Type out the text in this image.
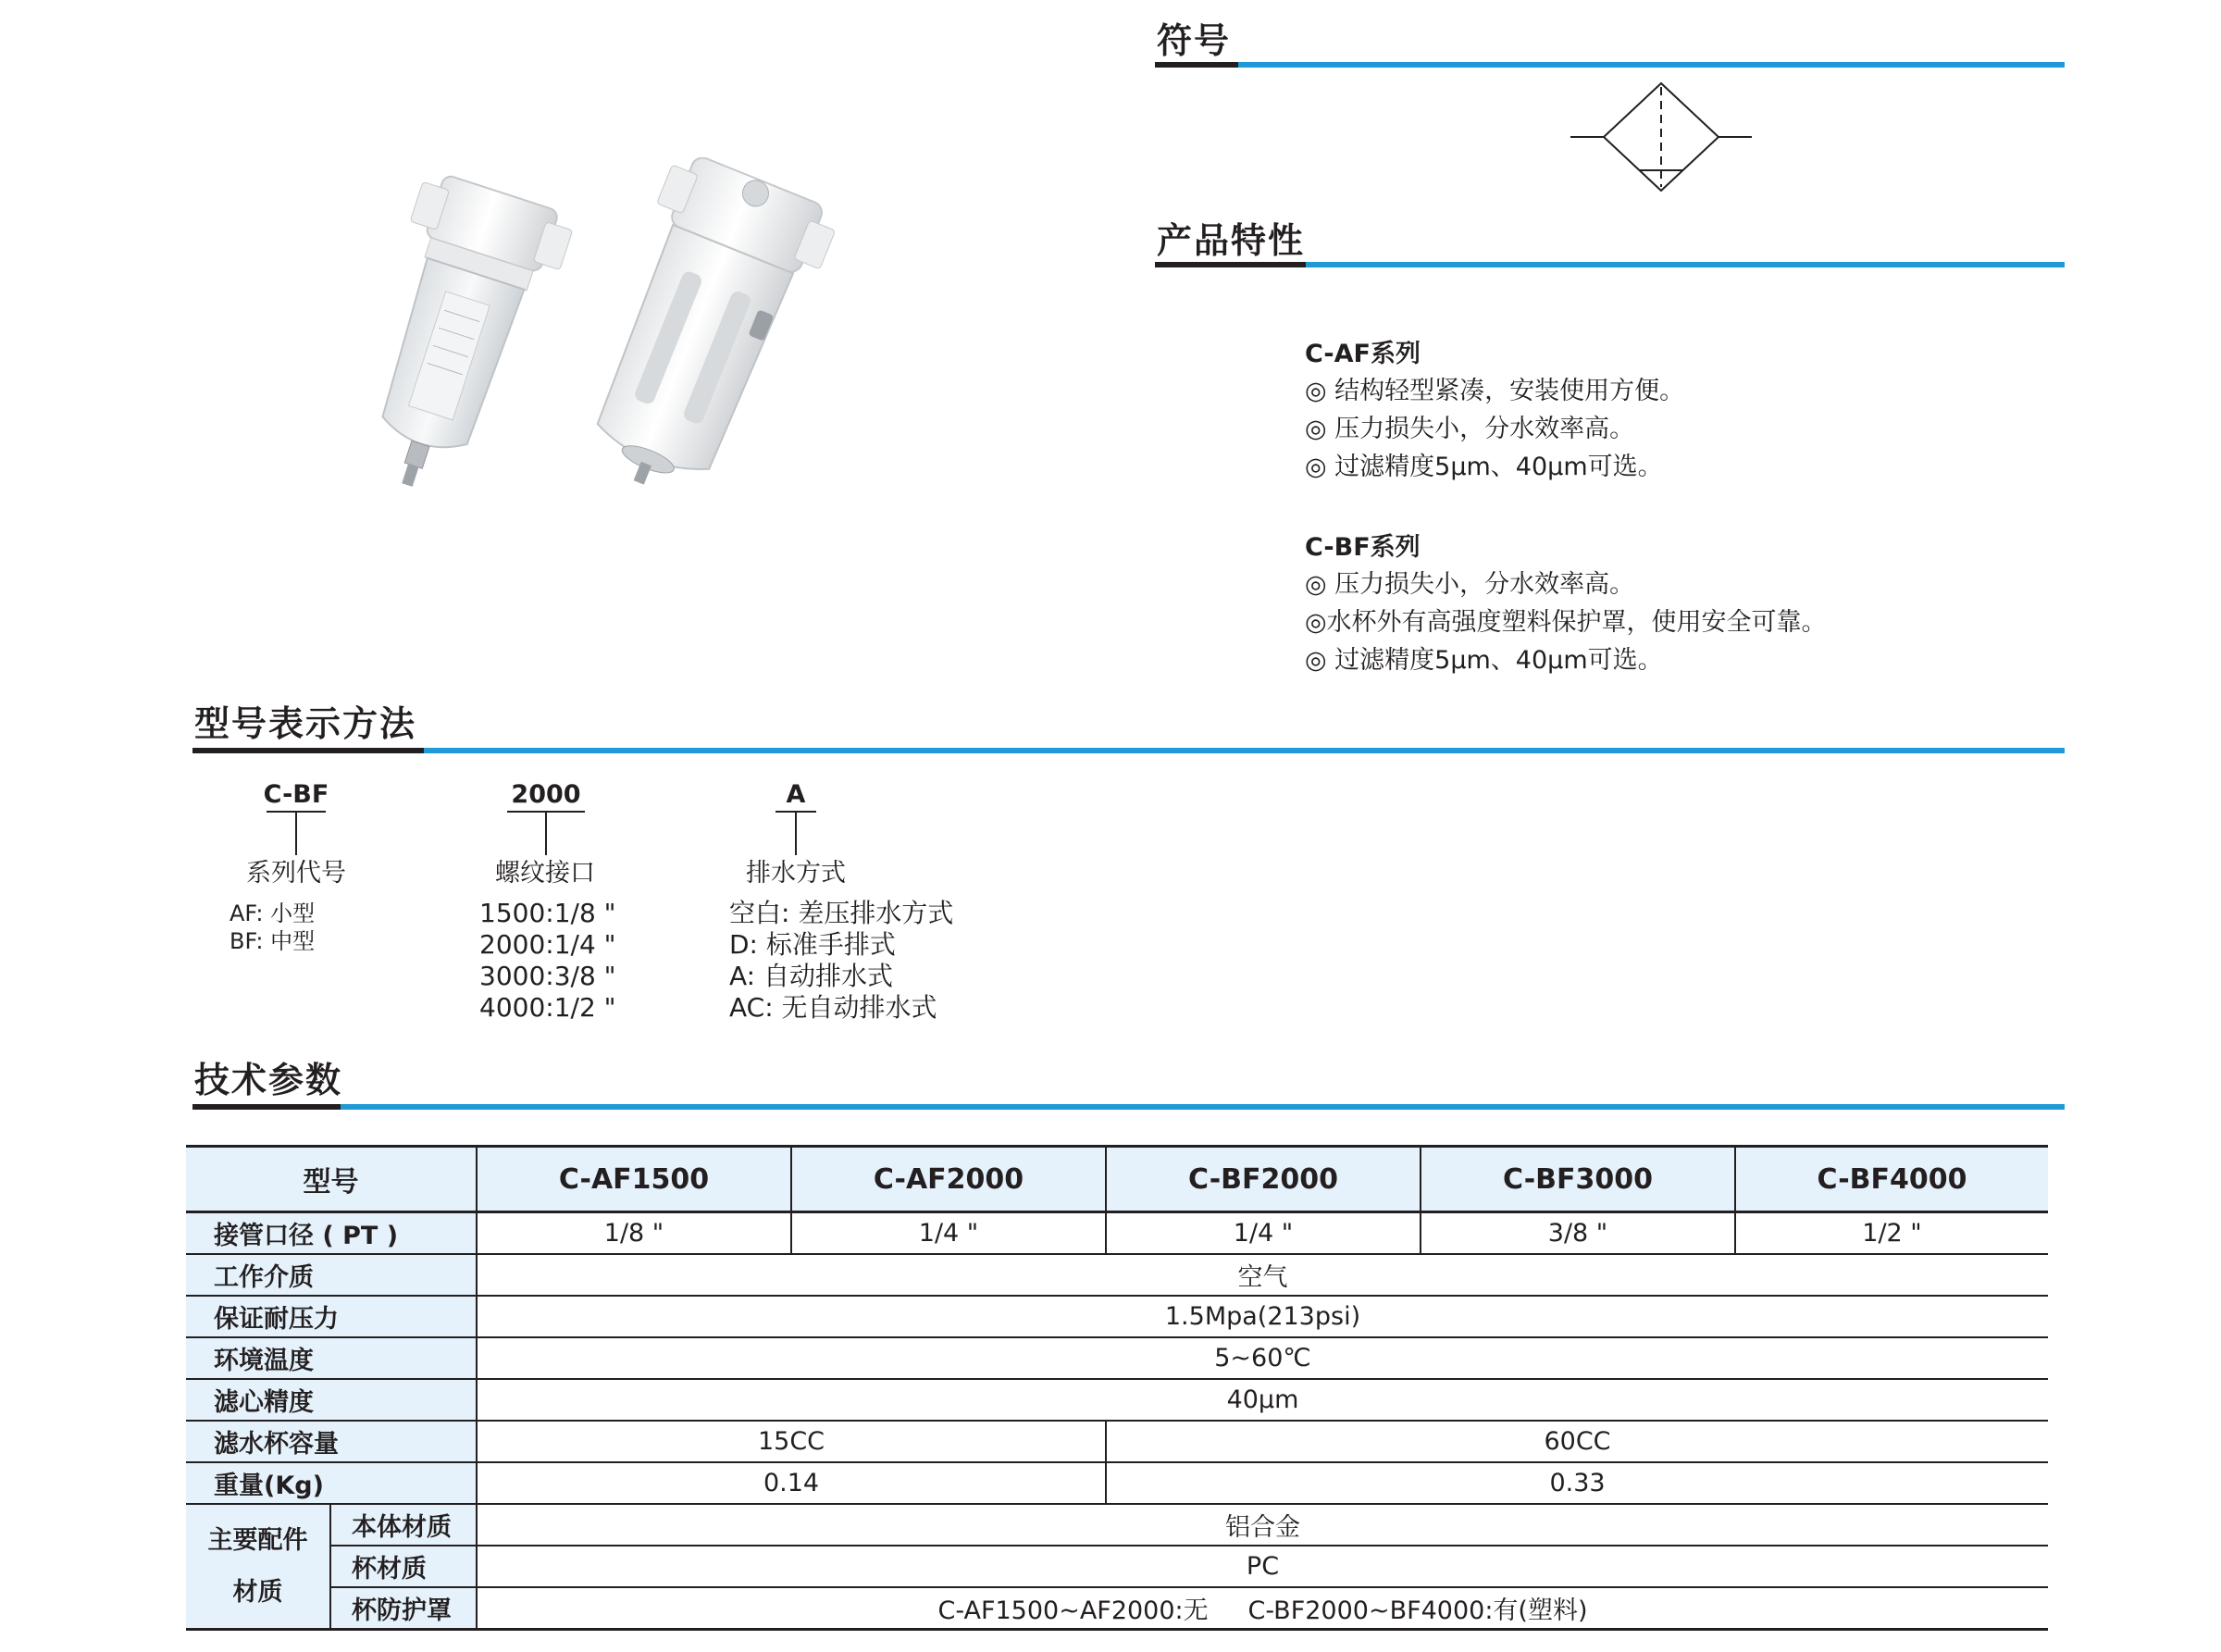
符号
产品特性
C-AF系列
◎ 结构轻型紧凑，安装使用方便。
◎ 压力损失小，分水效率高。
◎ 过滤精度5μm、40μm可选。
C-BF系列
◎ 压力损失小，分水效率高。
◎水杯外有高强度塑料保护罩，使用安全可靠。
◎ 过滤精度5μm、40μm可选。
型号表示方法
C-BF
系列代号
AF: 小型
BF: 中型
2000
螺纹接口
1500:1/8 "
2000:1/4 "
3000:3/8 "
4000:1/2 "
A
排水方式
空白: 差压排水方式
D: 标准手排式
A: 自动排水式
AC: 无自动排水式
技术参数
型号		C-AF1500	C-AF2000	C-BF2000	C-BF3000	C-BF4000
接管口径 ( PT )		1/8 "	1/4 "	1/4 "	3/8 "	1/2 "
工作介质		空气				
保证耐压力		1.5Mpa(213psi)				
环境温度		5~60℃				
滤心精度		40μm				
滤水杯容量		15CC		60CC		
重量(Kg)		0.14		0.33		

主要配件
材质	本体材质	铝合金				
	杯材质	PC				
	杯防护罩	C-AF1500~AF2000:无     C-BF2000~BF4000:有(塑料)				
